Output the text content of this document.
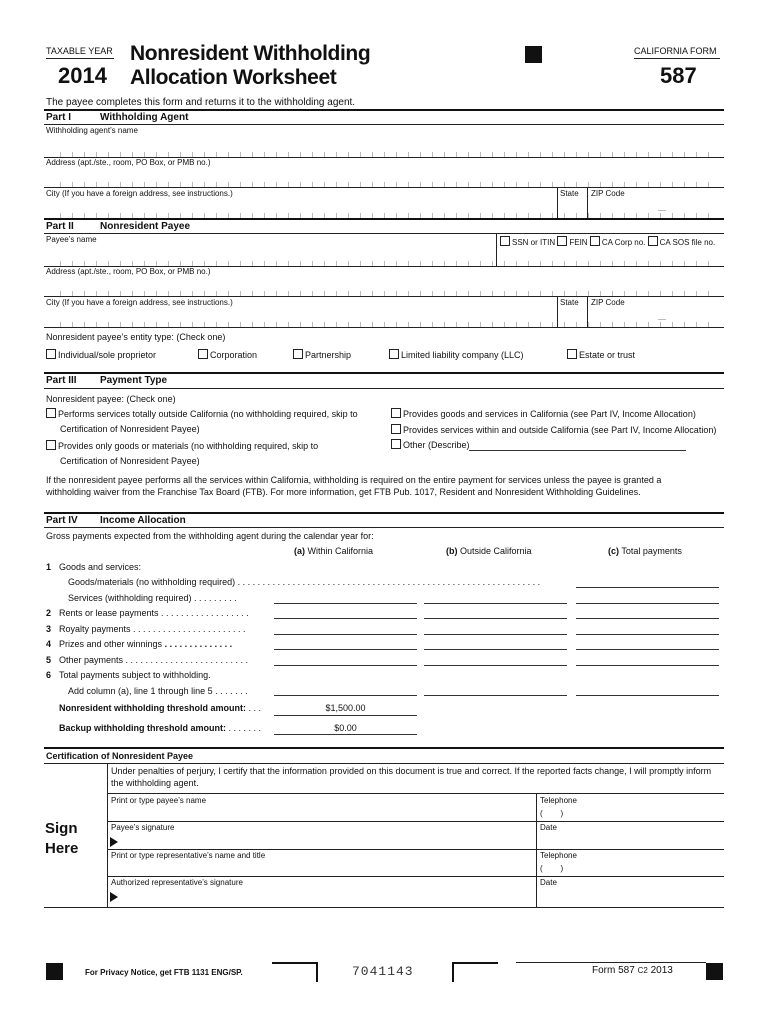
TAXABLE YEAR
2014
Nonresident Withholding
Allocation Worksheet
CALIFORNIA FORM
587
The payee completes this form and returns it to the withholding agent.
Part I	Withholding Agent
Withholding agent’s name
Address (apt./ste., room, PO Box, or PMB no.)
City (If you have a foreign address, see instructions.)	State ZIP Code
Part II	Nonresident Payee
Payee’s name	SSN or ITIN FEIN CA Corp no. CA SOS file no.
Address (apt./ste., room, PO Box, or PMB no.)
City (If you have a foreign address, see instructions.)	State ZIP Code
Nonresident payee’s entity type: (Check one)
Individual/sole proprietor	Corporation	Partnership	Limited liability company (LLC)	Estate or trust
Part III Payment Type
Nonresident payee: (Check one)
Performs services totally outside California (no withholding required, skip to
Certification of Nonresident Payee)
Provides only goods or materials (no withholding required, skip to
Certification of Nonresident Payee)
Provides goods and services in California (see Part IV, Income Allocation)
Provides services within and outside California (see Part IV, Income Allocation)
Other (Describe)
If the nonresident payee performs all the services within California, withholding is required on the entire payment for services unless the payee is granted a
withholding waiver from the Franchise Tax Board (FTB). For more information, get FTB Pub. 1017, Resident and Nonresident Withholding Guidelines.
Part IV Income Allocation
Gross payments expected from the withholding agent during the calendar year for:
(a) Within California	(b) Outside California	(c) Total payments
1 Goods and services:
Goods/materials (no withholding required) . . . . . . . . . . . . . . . . . . . . . . . . . . . . . . . . . . . . . . . . . . . . . . . . . . . . . . . . . . . . .
Services (withholding required) . . . . . . . . .
2 Rents or lease payments . . . . . . . . . . . . . . . . . .
3 Royalty payments . . . . . . . . . . . . . . . . . . . . . . .
4 Prizes and other winnings . . . . . . . . . . . . . .
5 Other payments . . . . . . . . . . . . . . . . . . . . . . . . .
6 Total payments subject to withholding.
Add column (a), line 1 through line 5 . . . . . . .
Nonresident withholding threshold amount: . . .	$1,500.00
Backup withholding threshold amount: . . . . . . .	$0.00
Certification of Nonresident Payee
Under penalties of perjury, I certify that the information provided on this document is true and correct. If the reported facts change, I will promptly inform
the withholding agent.
Sign
Here
Print or type payee’s name	Telephone
(        )
Payee’s signature	Date
Print or type representative’s name and title	Telephone
(        )
Authorized representative’s signature	Date
For Privacy Notice, get FTB 1131 ENG/SP.	7041143	Form 587 C2 2013
